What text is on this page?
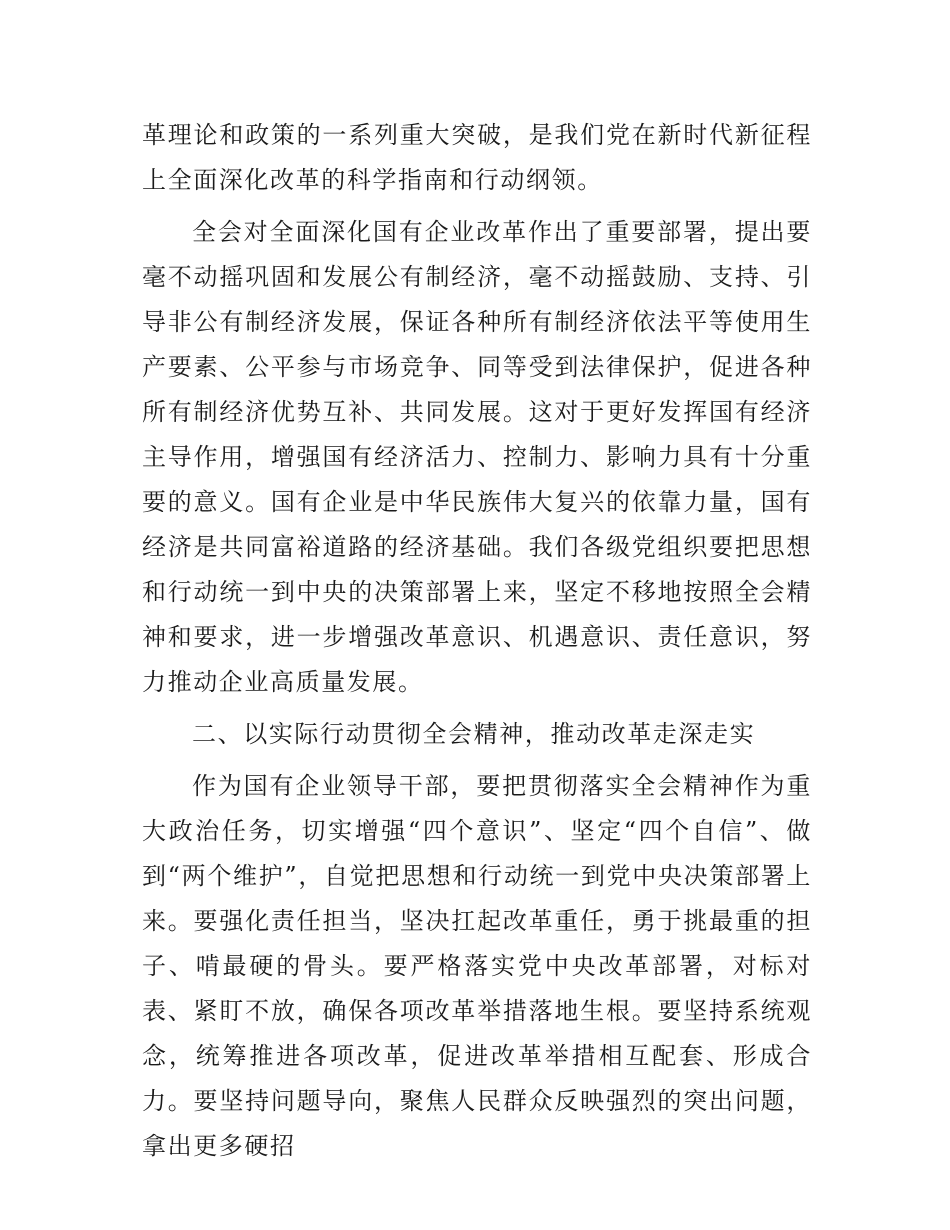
革理论和政策的一系列重大突破，是我们党在新时代新征程上全面深化改革的科学指南和行动纲领。

全会对全面深化国有企业改革作出了重要部署，提出要毫不动摇巩固和发展公有制经济，毫不动摇鼓励、支持、引导非公有制经济发展，保证各种所有制经济依法平等使用生产要素、公平参与市场竞争、同等受到法律保护，促进各种所有制经济优势互补、共同发展。这对于更好发挥国有经济主导作用，增强国有经济活力、控制力、影响力具有十分重要的意义。国有企业是中华民族伟大复兴的依靠力量，国有经济是共同富裕道路的经济基础。我们各级党组织要把思想和行动统一到中央的决策部署上来，坚定不移地按照全会精神和要求，进一步增强改革意识、机遇意识、责任意识，努力推动企业高质量发展。

二、以实际行动贯彻全会精神，推动改革走深走实

作为国有企业领导干部，要把贯彻落实全会精神作为重大政治任务，切实增强“四个意识”、坚定“四个自信”、做到“两个维护”，自觉把思想和行动统一到党中央决策部署上来。要强化责任担当，坚决扛起改革重任，勇于挑最重的担子、啃最硬的骨头。要严格落实党中央改革部署，对标对表、紧盯不放，确保各项改革举措落地生根。要坚持系统观念，统筹推进各项改革，促进改革举措相互配套、形成合力。要坚持问题导向，聚焦人民群众反映强烈的突出问题，拿出更多硬招
